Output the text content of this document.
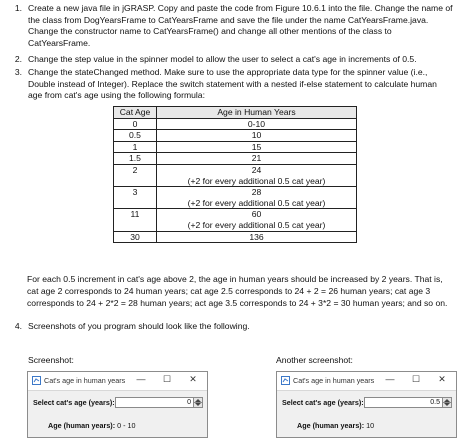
1. Create a new java file in jGRASP. Copy and paste the code from Figure 10.6.1 into the file. Change the name of
the class from DogYearsFrame to CatYearsFrame and save the file under the name CatYearsFrame.java.
Change the constructor name to CatYearsFrame() and change all other mentions of the class to
CatYearsFrame.
2. Change the step value in the spinner model to allow the user to select a cat's age in increments of 0.5.
3. Change the stateChanged method. Make sure to use the appropriate data type for the spinner value (i.e.,
Double instead of Integer). Replace the switch statement with a nested if-else statement to calculate human
age from cat's age using the following formula:
Cat Age	Age in Human Years
0	0-10
0.5	10
1	15
1.5	21
2	24
(+2 for every additional 0.5 cat year)

3	28
(+2 for every additional 0.5 cat year)

11	60
(+2 for every additional 0.5 cat year)

30	136
For each 0.5 increment in cat's age above 2, the age in human years should be increased by 2 years. That is,
cat age 2 corresponds to 24 human years; cat age 2.5 corresponds to 24 + 2 = 26 human years; cat age 3
corresponds to 24 + 2*2 = 28 human years; act age 3.5 corresponds to 24 + 3*2 = 30 human years; and so on.
4. Screenshots of you program should look like the following.
Screenshot:	Another screenshot:
Cat's age in human years —	☐	✕
Select cat's age (years):	0
Age (human years): 0 - 10
Cat's age in human years —	☐	✕
Select cat's age (years):	0.5
Age (human years): 10
